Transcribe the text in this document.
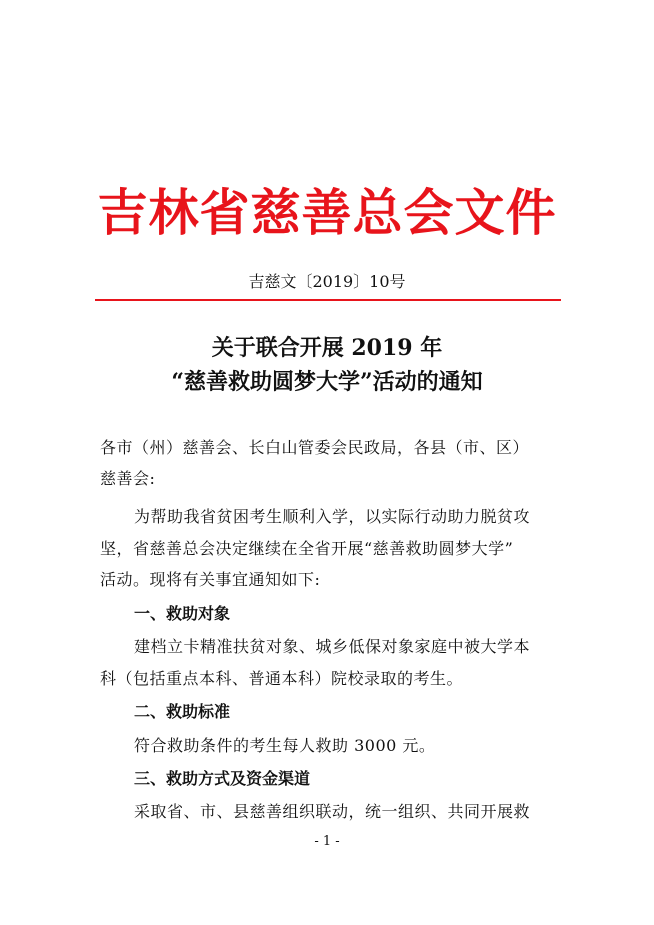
吉林省慈善总会文件
吉慈文〔2019〕10号
关于联合开展 2019 年
“慈善救助圆梦大学”活动的通知
各市（州）慈善会、长白山管委会民政局，各县（市、区）
慈善会:
为帮助我省贫困考生顺利入学，以实际行动助力脱贫攻
坚，省慈善总会决定继续在全省开展“慈善救助圆梦大学”
活动。现将有关事宜通知如下:
一、救助对象
建档立卡精准扶贫对象、城乡低保对象家庭中被大学本
科（包括重点本科、普通本科）院校录取的考生。
二、救助标准
符合救助条件的考生每人救助 3000 元。
三、救助方式及资金渠道
采取省、市、县慈善组织联动，统一组织、共同开展救
- 1 -
